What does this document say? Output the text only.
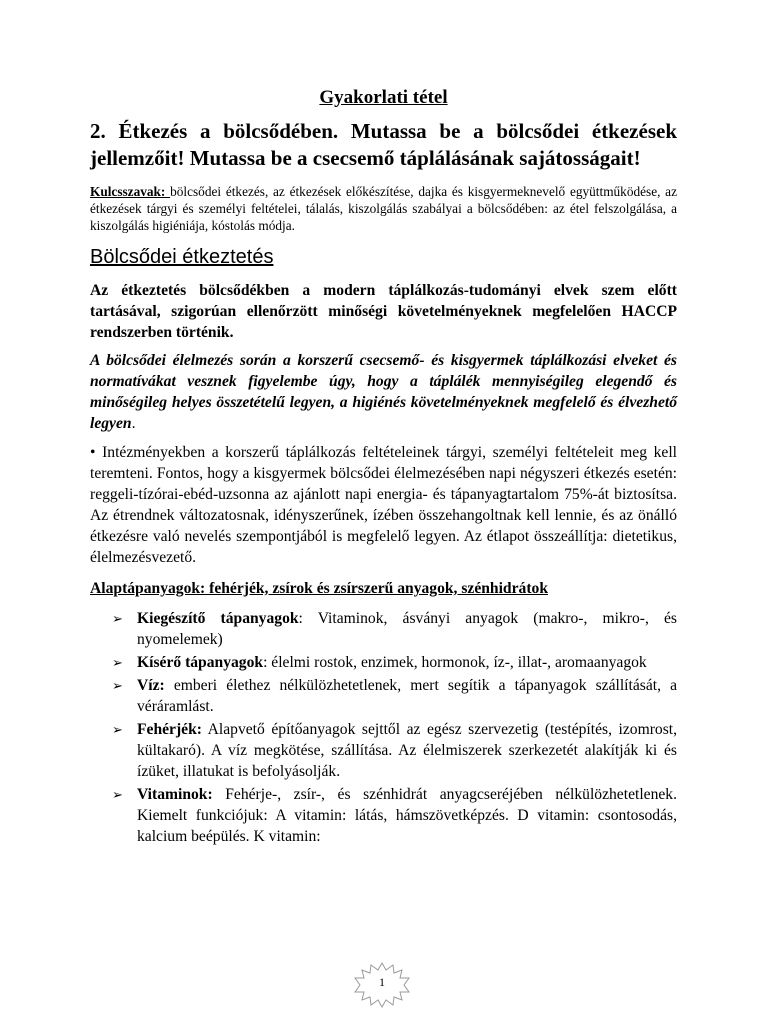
Gyakorlati tétel
2. Étkezés a bölcsődében. Mutassa be a bölcsődei étkezések jellemzőit! Mutassa be a csecsemő táplálásának sajátosságait!

Kulcsszavak: bölcsődei étkezés, az étkezések előkészítése, dajka és kisgyermeknevelő együttműködése, az étkezések tárgyi és személyi feltételei, tálalás, kiszolgálás szabályai a bölcsődében: az étel felszolgálása, a kiszolgálás higiéniája, kóstolás módja.

Bölcsődei étkeztetés

Az étkeztetés bölcsődékben a modern táplálkozás-tudományi elvek szem előtt tartásával, szigorúan ellenőrzött minőségi követelményeknek megfelelően HACCP rendszerben történik.

A bölcsődei élelmezés során a korszerű csecsemő- és kisgyermek táplálkozási elveket és normatívákat vesznek figyelembe úgy, hogy a táplálék mennyiségileg elegendő és minőségileg helyes összetételű legyen, a higiénés követelményeknek megfelelő és élvezhető legyen.

• Intézményekben a korszerű táplálkozás feltételeinek tárgyi, személyi feltételeit meg kell teremteni. Fontos, hogy a kisgyermek bölcsődei élelmezésében napi négyszeri étkezés esetén: reggeli-tízórai-ebéd-uzsonna az ajánlott napi energia- és tápanyagtartalom 75%-át biztosítsa. Az étrendnek változatosnak, idényszerűnek, ízében összehangoltnak kell lennie, és az önálló étkezésre való nevelés szempontjából is megfelelő legyen. Az étlapot összeállítja: dietetikus, élelmezésvezető.

Alaptápanyagok: fehérjék, zsírok és zsírszerű anyagok, szénhidrátok

➢ Kiegészítő tápanyagok: Vitaminok, ásványi anyagok (makro-, mikro-, és nyomelemek)
➢ Kísérő tápanyagok: élelmi rostok, enzimek, hormonok, íz-, illat-, aromaanyagok
➢ Víz: emberi élethez nélkülözhetetlenek, mert segítik a tápanyagok szállítását, a véráramlást.
➢ Fehérjék: Alapvető építőanyagok sejttől az egész szervezetig (testépítés, izomrost, kültakaró). A víz megkötése, szállítása. Az élelmiszerek szerkezetét alakítják ki és ízüket, illatukat is befolyásolják.
➢ Vitaminok: Fehérje-, zsír-, és szénhidrát anyagcseréjében nélkülözhetetlenek. Kiemelt funkciójuk: A vitamin: látás, hámszövetképzés. D vitamin: csontosodás, kalcium beépülés. K vitamin:
1
